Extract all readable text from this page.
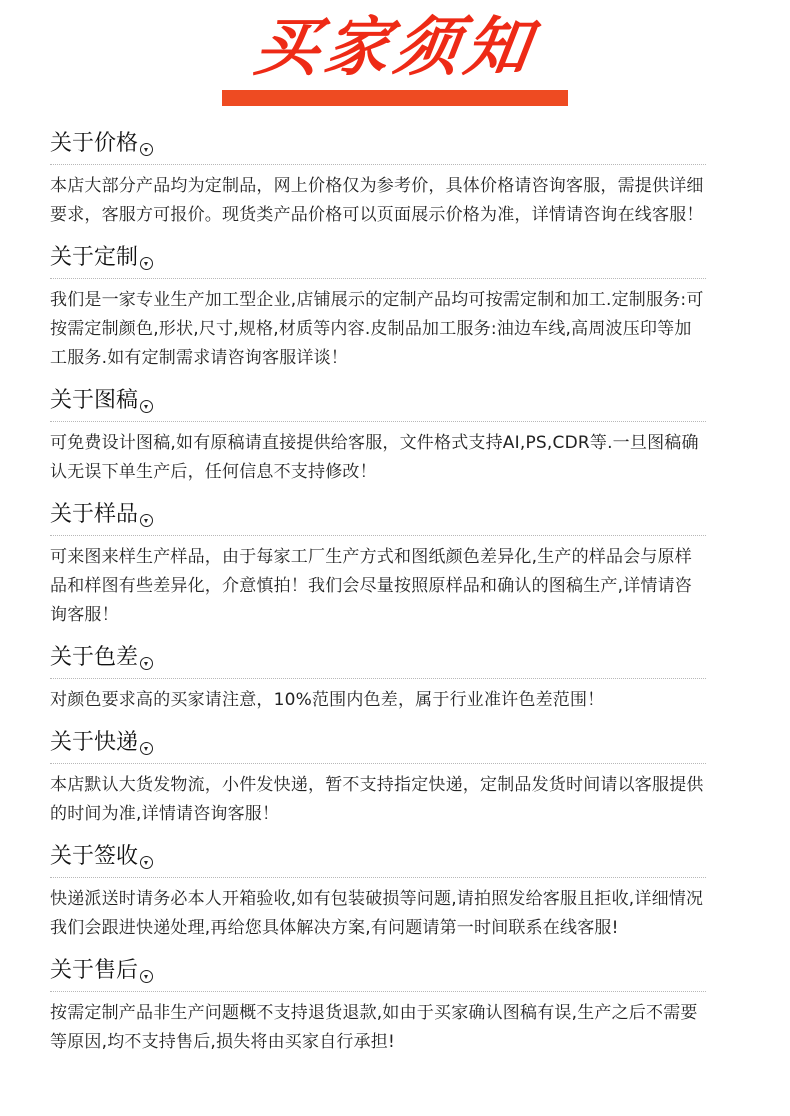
买家须知
关于价格
本店大部分产品均为定制品，网上价格仅为参考价，具体价格请咨询客服，需提供详细要求，客服方可报价。现货类产品价格可以页面展示价格为准，详情请咨询在线客服！
关于定制
我们是一家专业生产加工型企业,店铺展示的定制产品均可按需定制和加工.定制服务:可按需定制颜色,形状,尺寸,规格,材质等内容.皮制品加工服务:油边车线,高周波压印等加工服务.如有定制需求请咨询客服详谈！
关于图稿
可免费设计图稿,如有原稿请直接提供给客服，文件格式支持AI,PS,CDR等.一旦图稿确认无误下单生产后，任何信息不支持修改！
关于样品
可来图来样生产样品，由于每家工厂生产方式和图纸颜色差异化,生产的样品会与原样品和样图有些差异化，介意慎拍！我们会尽量按照原样品和确认的图稿生产,详情请咨询客服！
关于色差
对颜色要求高的买家请注意，10%范围内色差，属于行业准许色差范围！
关于快递
本店默认大货发物流，小件发快递，暂不支持指定快递，定制品发货时间请以客服提供的时间为准,详情请咨询客服！
关于签收
快递派送时请务必本人开箱验收,如有包装破损等问题,请拍照发给客服且拒收,详细情况我们会跟进快递处理,再给您具体解决方案,有问题请第一时间联系在线客服!
关于售后
按需定制产品非生产问题概不支持退货退款,如由于买家确认图稿有误,生产之后不需要等原因,均不支持售后,损失将由买家自行承担!
